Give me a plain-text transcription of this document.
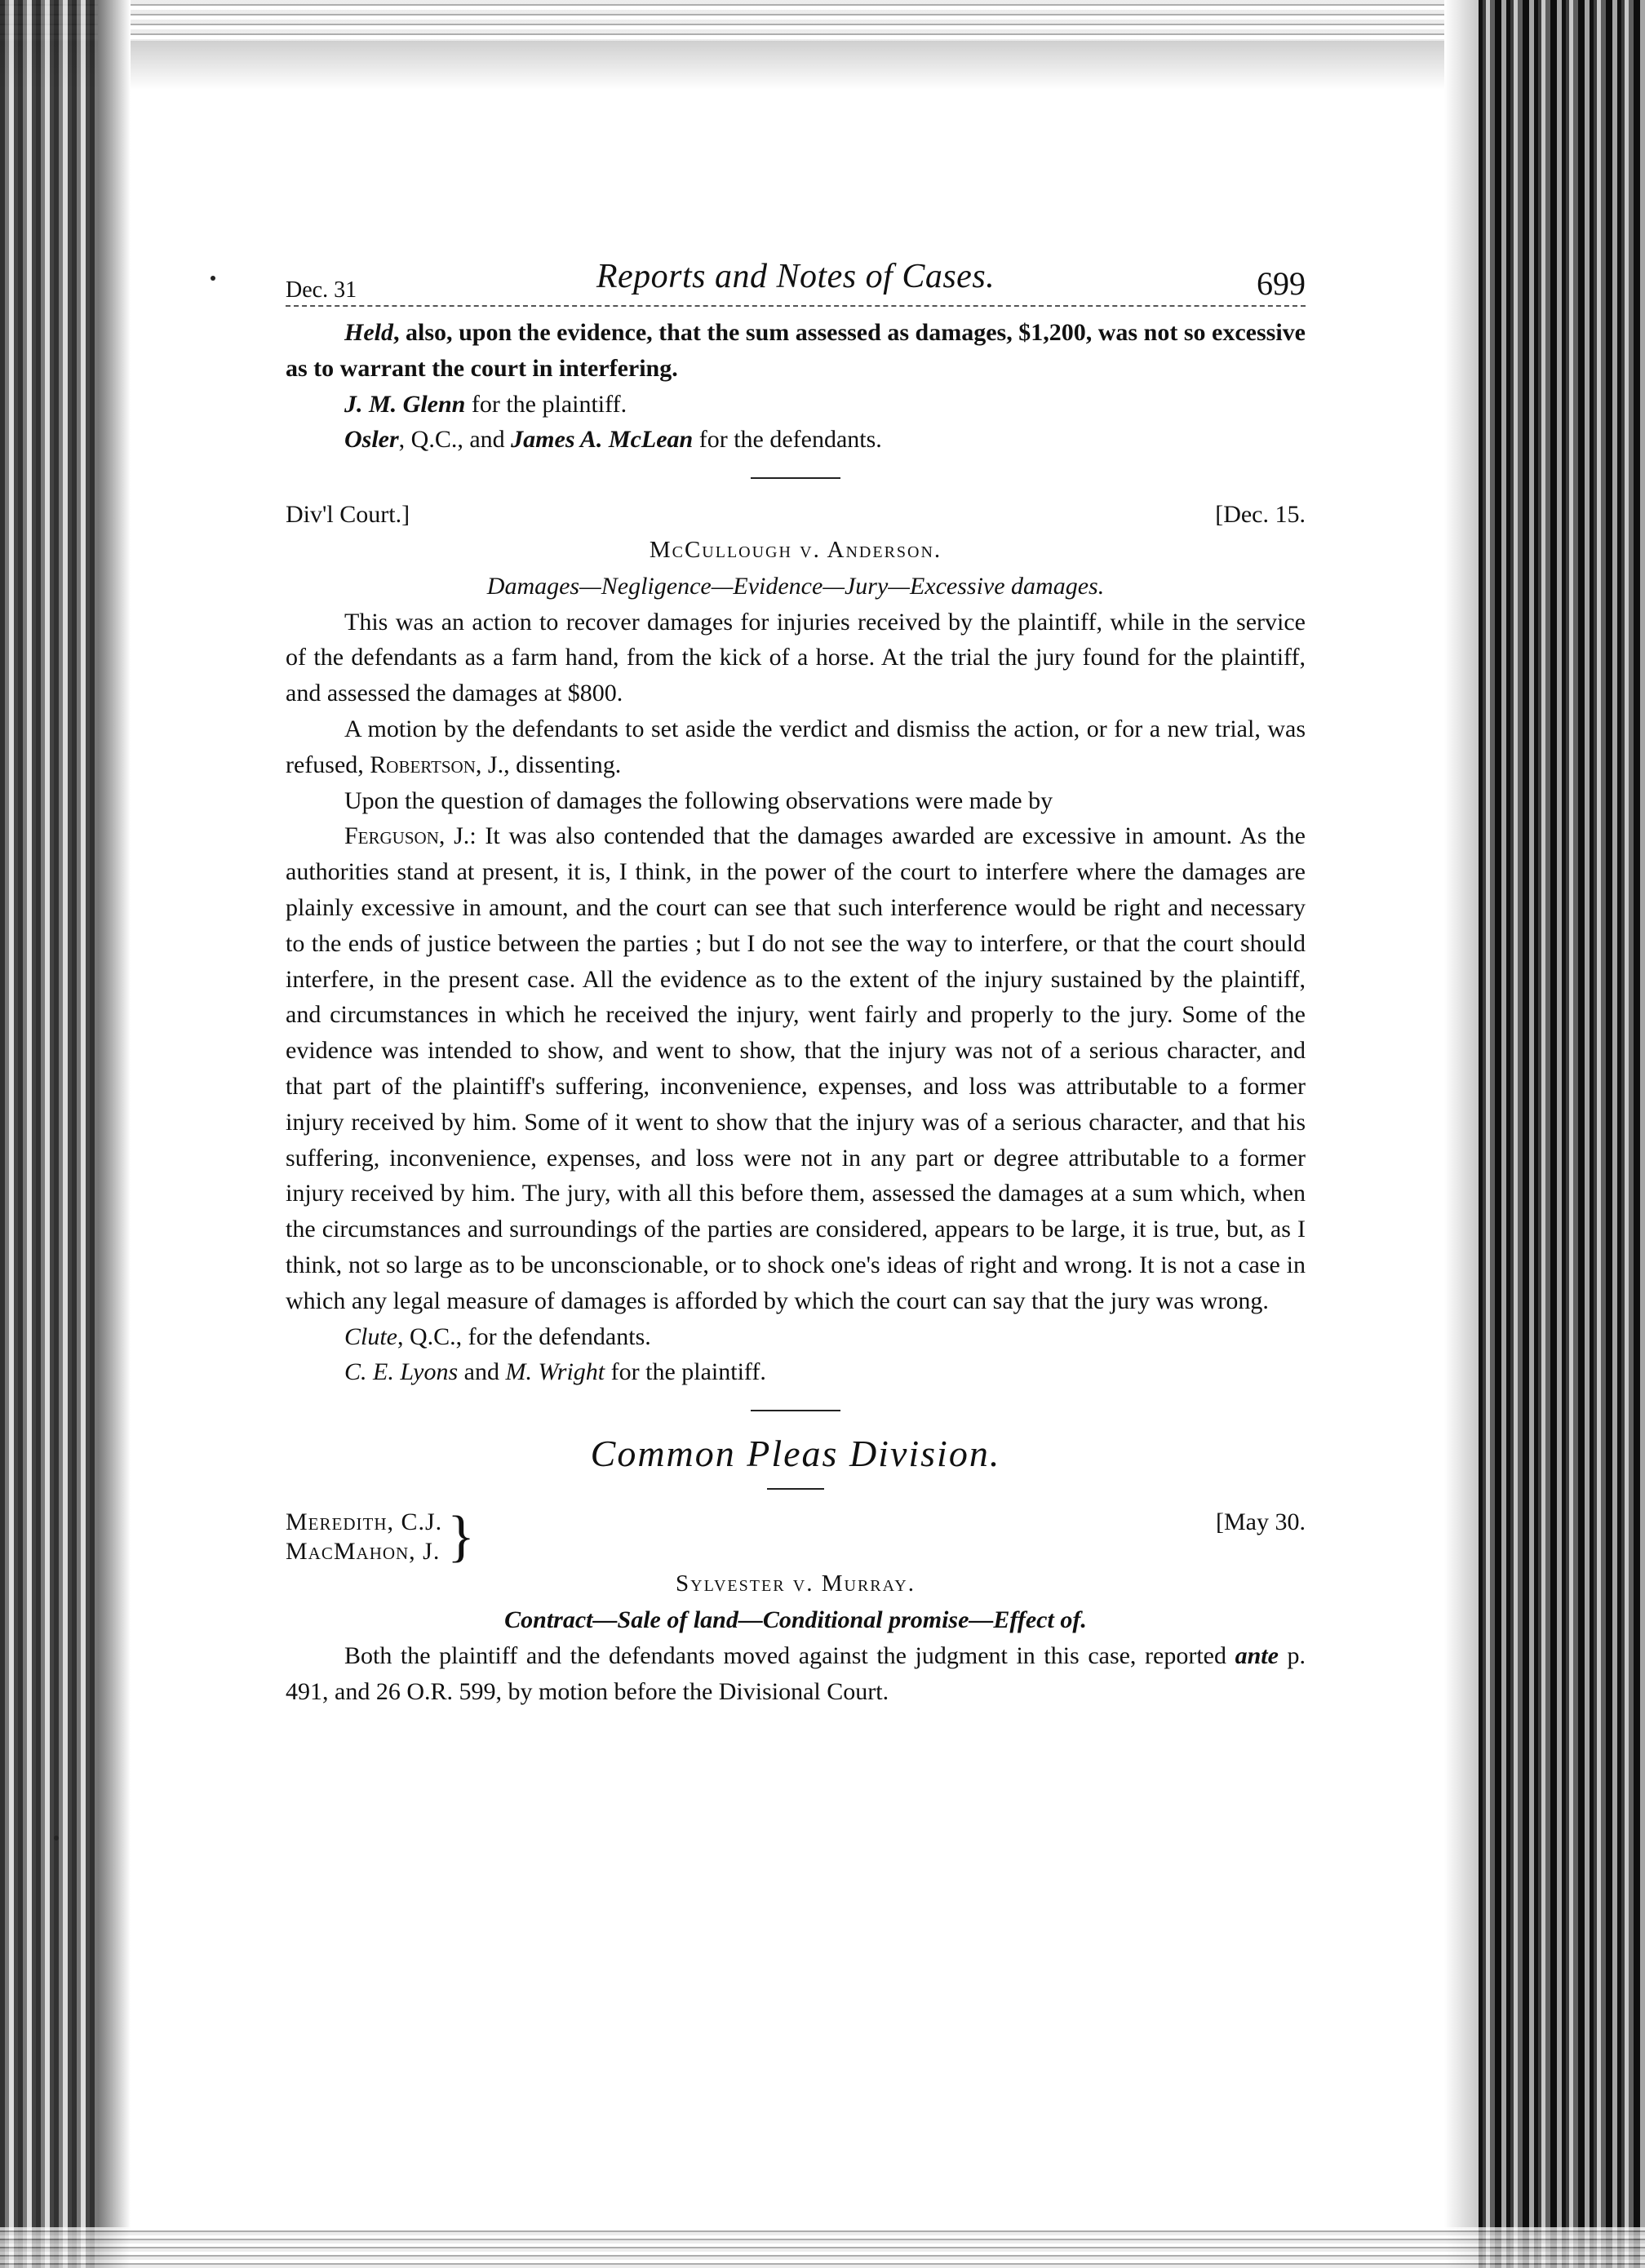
Dec. 31	Reports and Notes of Cases.	699

Held, also, upon the evidence, that the sum assessed as damages, $1,200, was not so excessive as to warrant the court in interfering.

J. M. Glenn for the plaintiff.

Osler, Q.C., and James A. McLean for the defendants.

Div'l Court.]	[Dec. 15.
McCullough v. Anderson.
Damages—Negligence—Evidence—Jury—Excessive damages.

This was an action to recover damages for injuries received by the plaintiff, while in the service of the defendants as a farm hand, from the kick of a horse. At the trial the jury found for the plaintiff, and assessed the damages at $800.

A motion by the defendants to set aside the verdict and dismiss the action, or for a new trial, was refused, Robertson, J., dissenting.

Upon the question of damages the following observations were made by

Ferguson, J.: It was also contended that the damages awarded are excessive in amount. As the authorities stand at present, it is, I think, in the power of the court to interfere where the damages are plainly excessive in amount, and the court can see that such interference would be right and necessary to the ends of justice between the parties ; but I do not see the way to interfere, or that the court should interfere, in the present case. All the evidence as to the extent of the injury sustained by the plaintiff, and circumstances in which he received the injury, went fairly and properly to the jury. Some of the evidence was intended to show, and went to show, that the injury was not of a serious character, and that part of the plaintiff's suffering, inconvenience, expenses, and loss was attributable to a former injury received by him. Some of it went to show that the injury was of a serious character, and that his suffering, inconvenience, expenses, and loss were not in any part or degree attributable to a former injury received by him. The jury, with all this before them, assessed the damages at a sum which, when the circumstances and surroundings of the parties are considered, appears to be large, it is true, but, as I think, not so large as to be unconscionable, or to shock one's ideas of right and wrong. It is not a case in which any legal measure of damages is afforded by which the court can say that the jury was wrong.

Clute, Q.C., for the defendants.

C. E. Lyons and M. Wright for the plaintiff.

Common Pleas Division.
Meredith, C.J.
MacMahon, J. }	[May 30.
Sylvester v. Murray.
Contract—Sale of land—Conditional promise—Effect of.

Both the plaintiff and the defendants moved against the judgment in this case, reported ante p. 491, and 26 O.R. 599, by motion before the Divisional Court.
